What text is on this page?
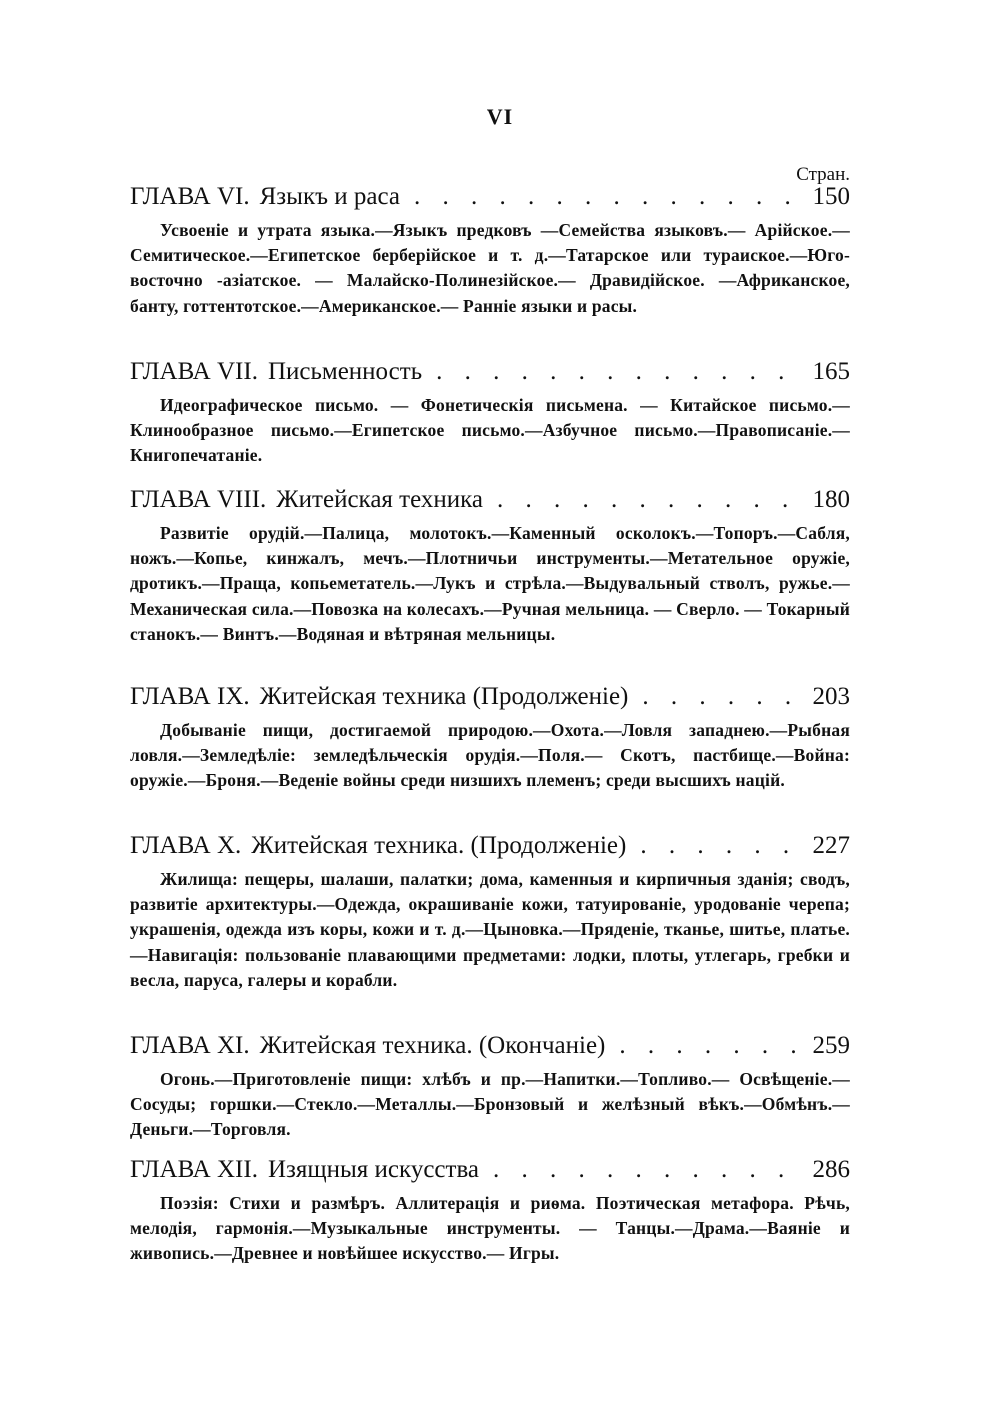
VI
Стран.
ГЛАВА VI. Языкъ и раса . . .	150
Усвоеніе и утрата языка.—Языкъ предковъ —Семейства языковъ.— Арійское.—Семитическое.—Египетское берберійское и т. д.—Татарское или тураиское.—Юго-восточно -азіатское. — Малайско-Полинезійское.— Дравидійское. —Африканское, банту, готтентотское.—Американское.— Ранніе языки и расы.
ГЛАВА VII. Письменность . . .	165
Идеографическое письмо. — Фонетическія письмена. — Китайское письмо.—Клинообразное письмо.—Египетское письмо.—Азбучное письмо.—Правописаніе.—Книгопечатаніе.
ГЛАВА VIII. Житейская техника . . .	180
Развитіе орудій.—Палица, молотокъ.—Каменный осколокъ.—Топоръ.—Сабля, ножъ.—Копье, кинжалъ, мечъ.—Плотничьи инструменты.—Метательное оружіе, дротикъ.—Праща, копьеметатель.—Лукъ и стрѣла.—Выдувальный стволъ, ружье.—Механическая сила.—Повозка на колесахъ.—Ручная мельница. — Сверло. — Токарный станокъ.— Винтъ.—Водяная и вѣтряная мельницы.
ГЛАВА IX. Житейская техника (Продолженіе) . . .	203
Добываніе пищи, достигаемой природою.—Охота.—Ловля западнею.—Рыбная ловля.—Земледѣліе: земледѣльческія орудія.—Поля.— Скотъ, пастбище.—Война: оружіе.—Броня.—Веденіе войны среди низшихъ племенъ; среди высшихъ націй.
ГЛАВА X. Житейская техника. (Продолженіе) . . .	227
Жилища: пещеры, шалаши, палатки; дома, каменныя и кирпичныя зданія; сводъ, развитіе архитектуры.—Одежда, окрашиваніе кожи, татуированіе, уродованіе черепа; украшенія, одежда изъ коры, кожи и т. д.—Цыновка.—Пряденіе, тканье, шитье, платье.—Навигація: пользованіе плавающими предметами: лодки, плоты, утлегарь, гребки и весла, паруса, галеры и корабли.
ГЛАВА XI. Житейская техника. (Окончаніе) . . .	259
Огонь.—Приготовленіе пищи: хлѣбъ и пр.—Напитки.—Топливо.— Освѣщеніе.—Сосуды; горшки.—Стекло.—Металлы.—Бронзовый и желѣзный вѣкъ.—Обмѣнъ.—Деньги.—Торговля.
ГЛАВА XII. Изящныя искусства . . .	286
Поэзія: Стихи и размѣръ. Аллитерація и риѳма. Поэтическая метафора. Рѣчь, мелодія, гармонія.—Музыкальные инструменты. — Танцы.—Драма.—Ваяніе и живопись.—Древнее и новѣйшее искусство.— Игры.
